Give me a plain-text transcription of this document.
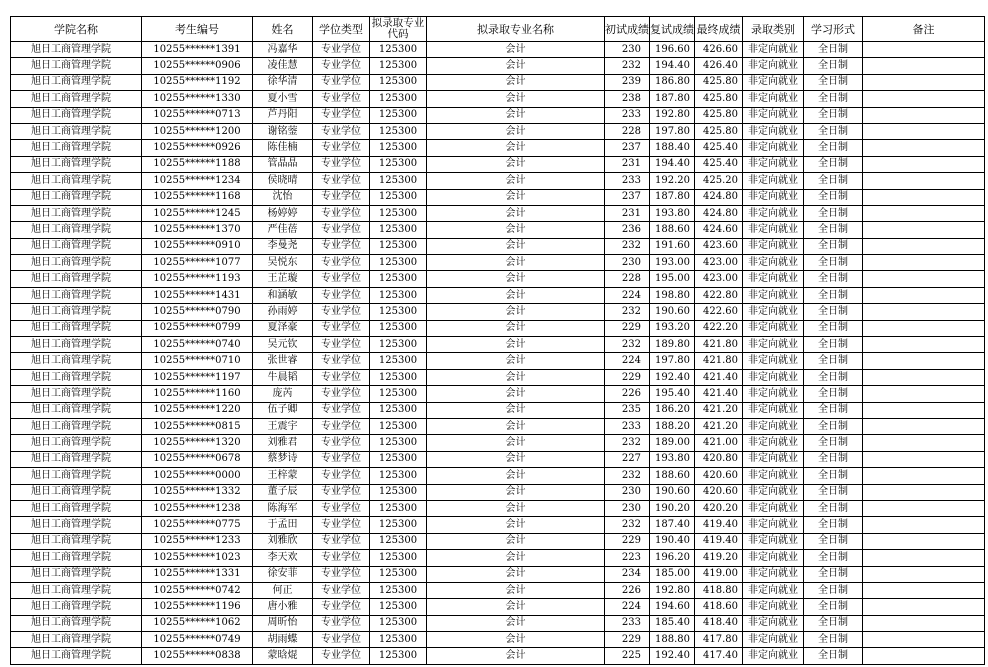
学院名称	考生编号	姓名	学位类型	拟录取专业代码	拟录取专业名称	初试成绩	复试成绩	最终成绩	录取类别	学习形式	备注
旭日工商管理学院	10255******1391	冯嘉华	专业学位	125300	会计	230	196.60	426.60	非定向就业	全日制	
旭日工商管理学院	10255******0906	凌佳慧	专业学位	125300	会计	232	194.40	426.40	非定向就业	全日制	
旭日工商管理学院	10255******1192	徐华清	专业学位	125300	会计	239	186.80	425.80	非定向就业	全日制	
旭日工商管理学院	10255******1330	夏小雪	专业学位	125300	会计	238	187.80	425.80	非定向就业	全日制	
旭日工商管理学院	10255******0713	芦丹阳	专业学位	125300	会计	233	192.80	425.80	非定向就业	全日制	
旭日工商管理学院	10255******1200	谢铭蓥	专业学位	125300	会计	228	197.80	425.80	非定向就业	全日制	
旭日工商管理学院	10255******0926	陈佳楠	专业学位	125300	会计	237	188.40	425.40	非定向就业	全日制	
旭日工商管理学院	10255******1188	管晶晶	专业学位	125300	会计	231	194.40	425.40	非定向就业	全日制	
旭日工商管理学院	10255******1234	侯晓晴	专业学位	125300	会计	233	192.20	425.20	非定向就业	全日制	
旭日工商管理学院	10255******1168	沈怡	专业学位	125300	会计	237	187.80	424.80	非定向就业	全日制	
旭日工商管理学院	10255******1245	杨婷婷	专业学位	125300	会计	231	193.80	424.80	非定向就业	全日制	
旭日工商管理学院	10255******1370	严佳蓓	专业学位	125300	会计	236	188.60	424.60	非定向就业	全日制	
旭日工商管理学院	10255******0910	李曼尧	专业学位	125300	会计	232	191.60	423.60	非定向就业	全日制	
旭日工商管理学院	10255******1077	吴悦东	专业学位	125300	会计	230	193.00	423.00	非定向就业	全日制	
旭日工商管理学院	10255******1193	王芷璇	专业学位	125300	会计	228	195.00	423.00	非定向就业	全日制	
旭日工商管理学院	10255******1431	和涵敏	专业学位	125300	会计	224	198.80	422.80	非定向就业	全日制	
旭日工商管理学院	10255******0790	孙雨婷	专业学位	125300	会计	232	190.60	422.60	非定向就业	全日制	
旭日工商管理学院	10255******0799	夏泽豪	专业学位	125300	会计	229	193.20	422.20	非定向就业	全日制	
旭日工商管理学院	10255******0740	吴元钦	专业学位	125300	会计	232	189.80	421.80	非定向就业	全日制	
旭日工商管理学院	10255******0710	张世睿	专业学位	125300	会计	224	197.80	421.80	非定向就业	全日制	
旭日工商管理学院	10255******1197	牛晨韬	专业学位	125300	会计	229	192.40	421.40	非定向就业	全日制	
旭日工商管理学院	10255******1160	庞芮	专业学位	125300	会计	226	195.40	421.40	非定向就业	全日制	
旭日工商管理学院	10255******1220	伍子卿	专业学位	125300	会计	235	186.20	421.20	非定向就业	全日制	
旭日工商管理学院	10255******0815	王震宇	专业学位	125300	会计	233	188.20	421.20	非定向就业	全日制	
旭日工商管理学院	10255******1320	刘雅君	专业学位	125300	会计	232	189.00	421.00	非定向就业	全日制	
旭日工商管理学院	10255******0678	蔡梦诗	专业学位	125300	会计	227	193.80	420.80	非定向就业	全日制	
旭日工商管理学院	10255******0000	王梓蒙	专业学位	125300	会计	232	188.60	420.60	非定向就业	全日制	
旭日工商管理学院	10255******1332	董子辰	专业学位	125300	会计	230	190.60	420.60	非定向就业	全日制	
旭日工商管理学院	10255******1238	陈海军	专业学位	125300	会计	230	190.20	420.20	非定向就业	全日制	
旭日工商管理学院	10255******0775	于孟田	专业学位	125300	会计	232	187.40	419.40	非定向就业	全日制	
旭日工商管理学院	10255******1233	刘雅欣	专业学位	125300	会计	229	190.40	419.40	非定向就业	全日制	
旭日工商管理学院	10255******1023	李天欢	专业学位	125300	会计	223	196.20	419.20	非定向就业	全日制	
旭日工商管理学院	10255******1331	徐安菲	专业学位	125300	会计	234	185.00	419.00	非定向就业	全日制	
旭日工商管理学院	10255******0742	何正	专业学位	125300	会计	226	192.80	418.80	非定向就业	全日制	
旭日工商管理学院	10255******1196	唐小雅	专业学位	125300	会计	224	194.60	418.60	非定向就业	全日制	
旭日工商管理学院	10255******1062	周昕怡	专业学位	125300	会计	233	185.40	418.40	非定向就业	全日制	
旭日工商管理学院	10255******0749	胡雨蝶	专业学位	125300	会计	229	188.80	417.80	非定向就业	全日制	
旭日工商管理学院	10255******0838	蒙晗焜	专业学位	125300	会计	225	192.40	417.40	非定向就业	全日制	
